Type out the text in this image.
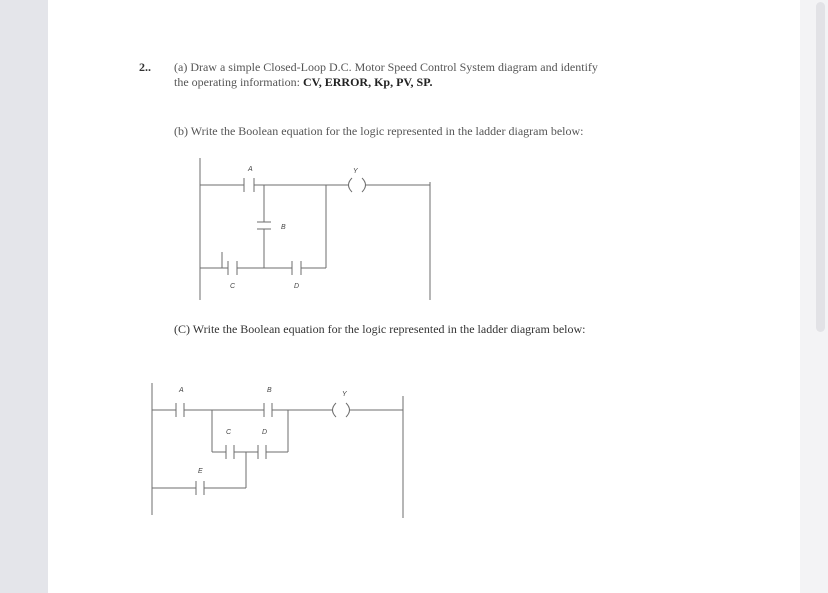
2.. (a) Draw a simple Closed-Loop D.C. Motor Speed Control System diagram and identify
the operating information: CV, ERROR, Kp, PV, SP.
(b) Write the Boolean equation for the logic represented in the ladder diagram below:
(C) Write the Boolean equation for the logic represented in the ladder diagram below:
A	Y
B
C	D
A	B
Y
C	D
E
